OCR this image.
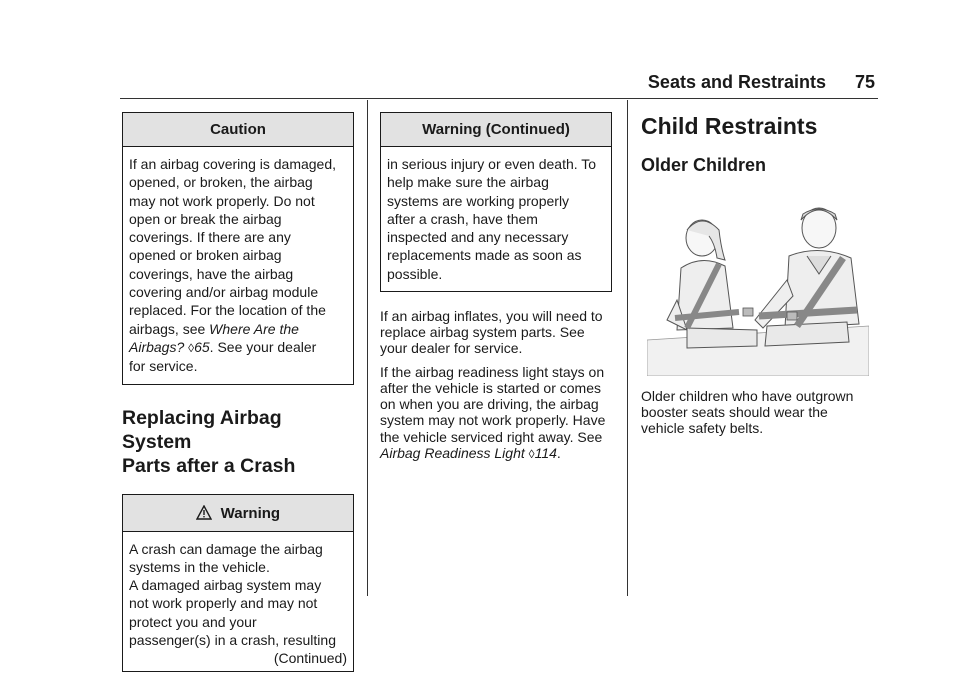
Seats and Restraints 75
Caution

If an airbag covering is damaged,

opened, or broken, the airbag

may not work properly. Do not

open or break the airbag

coverings. If there are any

opened or broken airbag

coverings, have the airbag

covering and/or airbag module

replaced. For the location of the

airbags, see Where Are the

Airbags? ◊65. See your dealer

for service.

Replacing Airbag System

Parts after a Crash

Warning

A crash can damage the airbag

systems in the vehicle.

A damaged airbag system may

not work properly and may not

protect you and your

passenger(s) in a crash, resulting

(Continued)

Warning (Continued)

in serious injury or even death. To

help make sure the airbag

systems are working properly

after a crash, have them

inspected and any necessary

replacements made as soon as

possible.

If an airbag inflates, you will need to

replace airbag system parts. See

your dealer for service.

If the airbag readiness light stays on

after the vehicle is started or comes

on when you are driving, the airbag

system may not work properly. Have

the vehicle serviced right away. See

Airbag Readiness Light ◊114.

Child Restraints

Older Children

Older children who have outgrown

booster seats should wear the

vehicle safety belts.
